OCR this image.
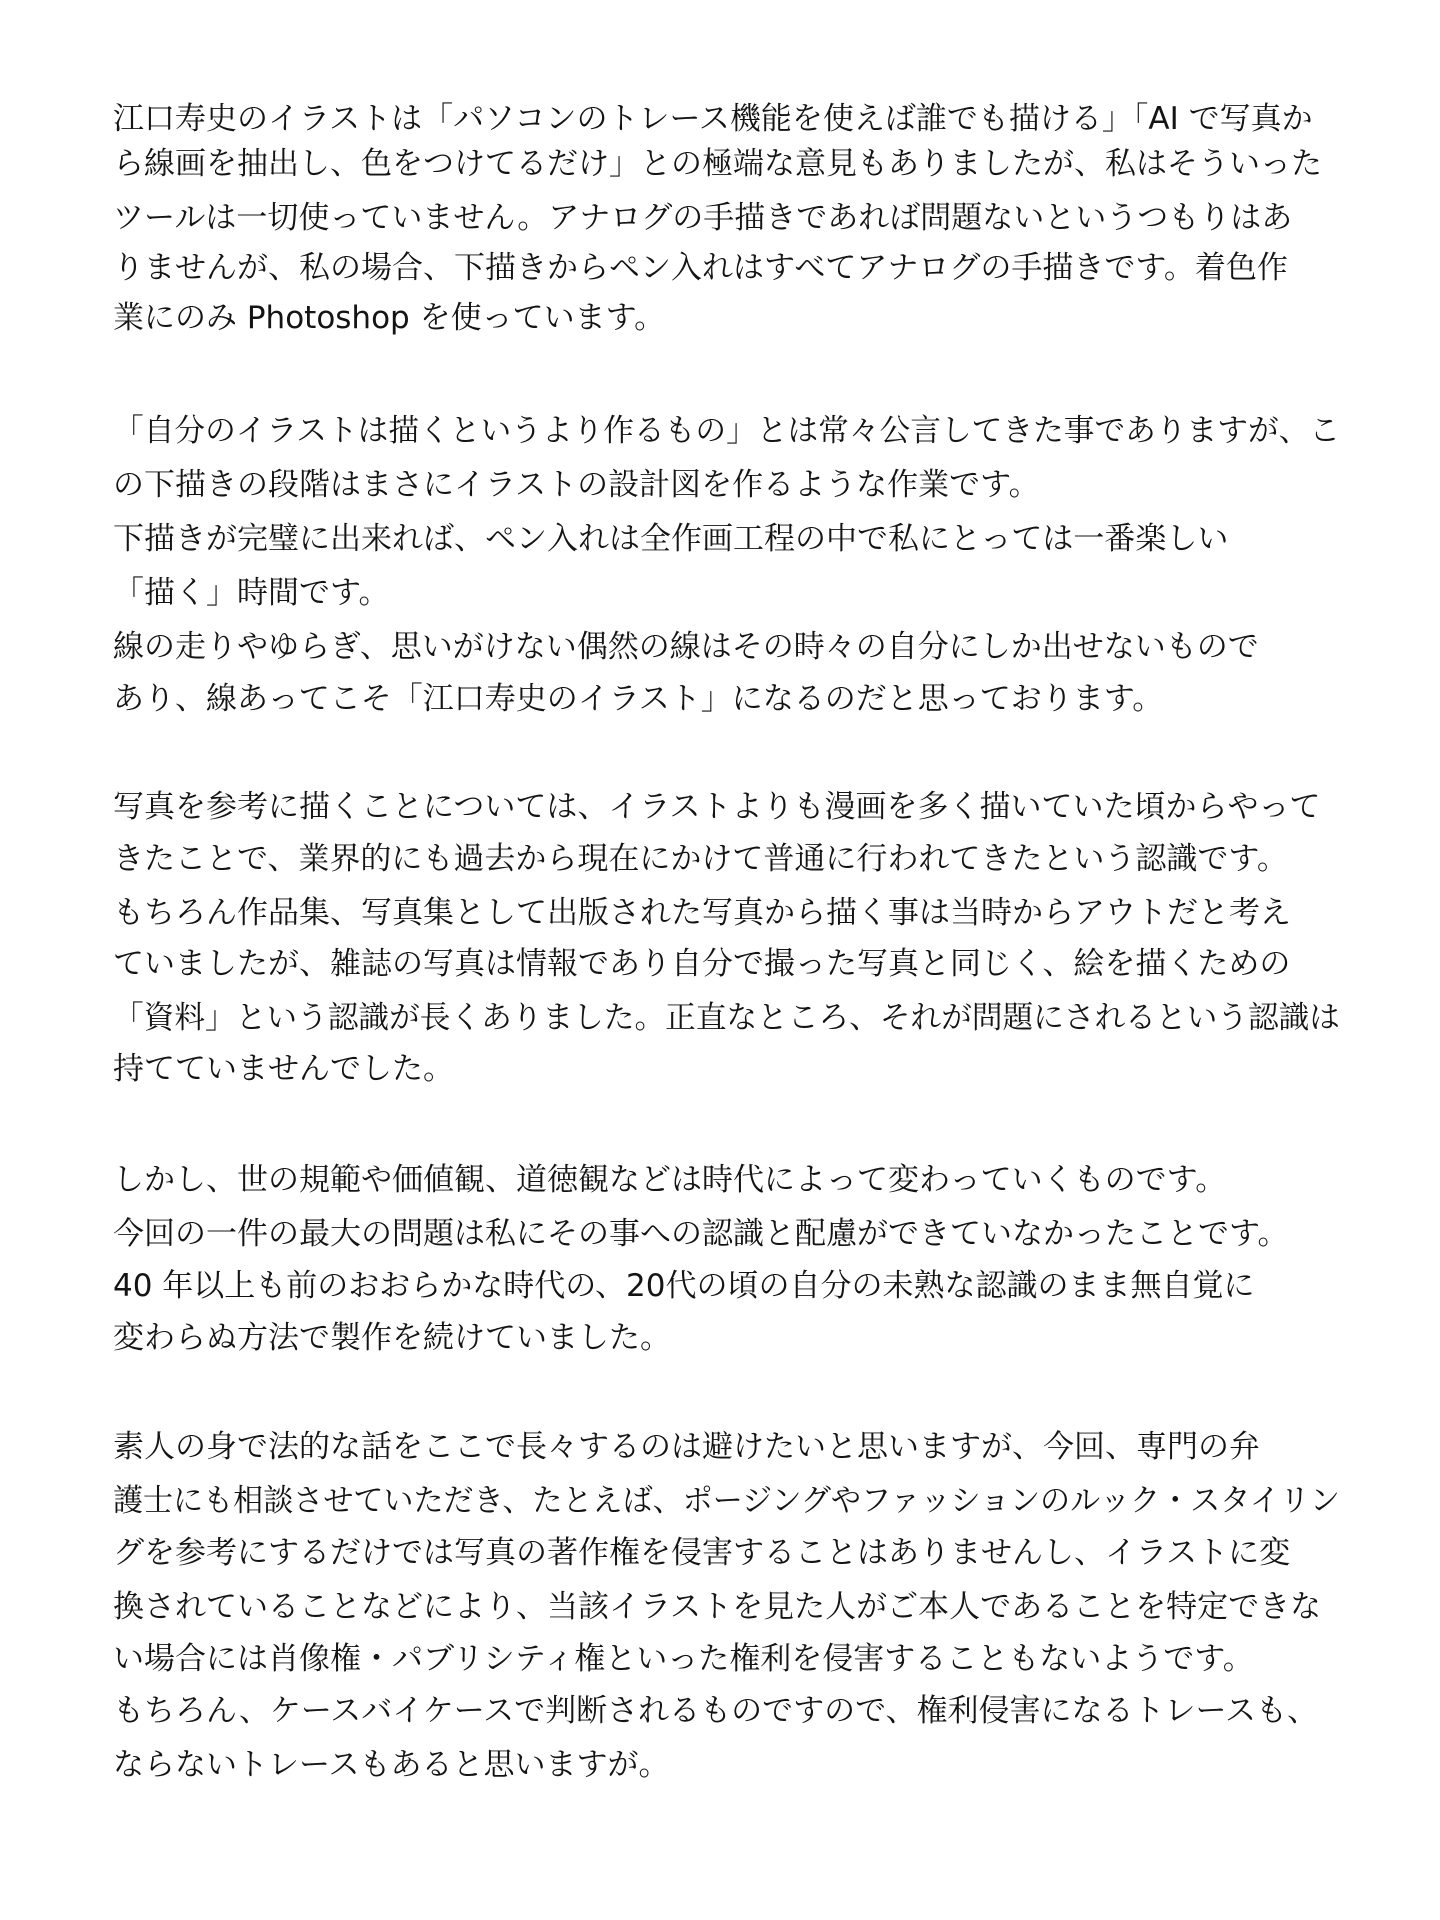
江口寿史のイラストは「パソコンのトレース機能を使えば誰でも描ける」「AI で写真か
ら線画を抽出し、色をつけてるだけ」との極端な意見もありましたが、私はそういった
ツールは一切使っていません。アナログの手描きであれば問題ないというつもりはあ
りませんが、私の場合、下描きからペン入れはすべてアナログの手描きです。着色作
業にのみ Photoshop を使っています。
「自分のイラストは描くというより作るもの」とは常々公言してきた事でありますが、こ
の下描きの段階はまさにイラストの設計図を作るような作業です。
下描きが完璧に出来れば、ペン入れは全作画工程の中で私にとっては一番楽しい
「描く」時間です。
線の走りやゆらぎ、思いがけない偶然の線はその時々の自分にしか出せないもので
あり、線あってこそ「江口寿史のイラスト」になるのだと思っております。
写真を参考に描くことについては、イラストよりも漫画を多く描いていた頃からやって
きたことで、業界的にも過去から現在にかけて普通に行われてきたという認識です。
もちろん作品集、写真集として出版された写真から描く事は当時からアウトだと考え
ていましたが、雑誌の写真は情報であり自分で撮った写真と同じく、絵を描くための
「資料」という認識が長くありました。正直なところ、それが問題にされるという認識は
持てていませんでした。
しかし、世の規範や価値観、道徳観などは時代によって変わっていくものです。
今回の一件の最大の問題は私にその事への認識と配慮ができていなかったことです。
40 年以上も前のおおらかな時代の、20代の頃の自分の未熟な認識のまま無自覚に
変わらぬ方法で製作を続けていました。
素人の身で法的な話をここで長々するのは避けたいと思いますが、今回、専門の弁
護士にも相談させていただき、たとえば、ポージングやファッションのルック・スタイリン
グを参考にするだけでは写真の著作権を侵害することはありませんし、イラストに変
換されていることなどにより、当該イラストを見た人がご本人であることを特定できな
い場合には肖像権・パブリシティ権といった権利を侵害することもないようです。
もちろん、ケースバイケースで判断されるものですので、権利侵害になるトレースも、
ならないトレースもあると思いますが。
